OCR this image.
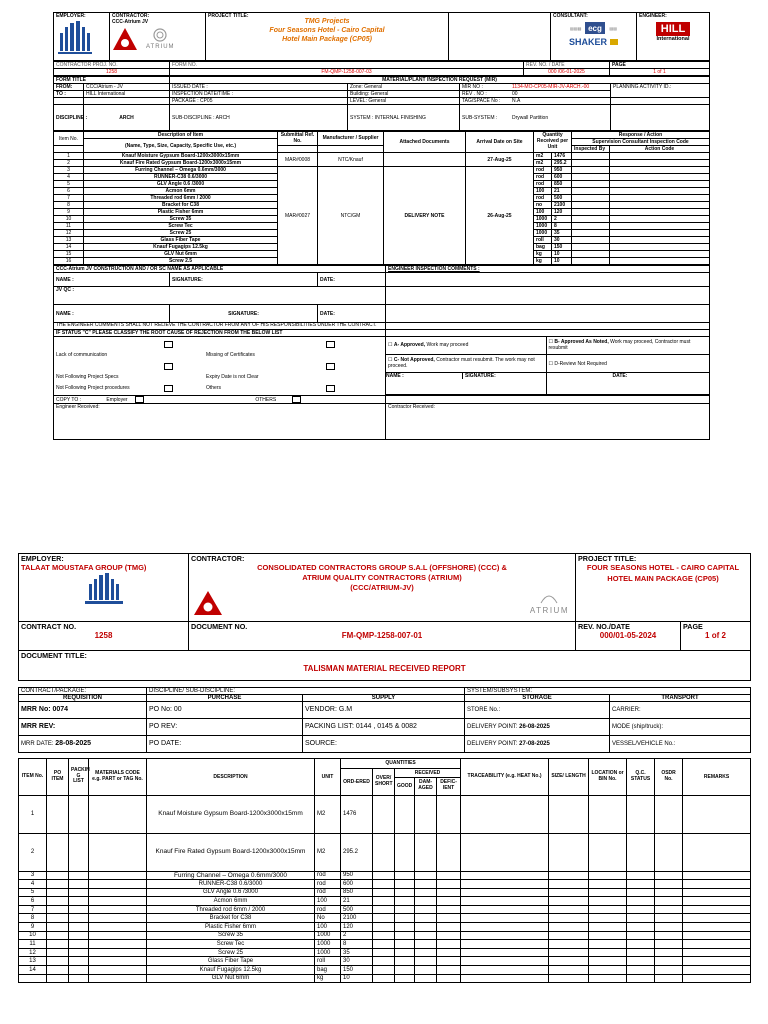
EMPLOYER:	CONTRACTOR:
CCC-Atrium JV
ATRIUM

PROJECT TITLE:
TMG Projects
Four Seasons Hotel - Cairo Capital
Hotel Main Package (CP05)

CONSULTANT:
▤▤▤ ecg ▤▤
SHAKER

ENGINEER:
HILL
International
CONTRACTOR PROJ. NO.	FORM NO.	REV. NO. / DATE	PAGE
1258	FM-QMP-1258-007-03	000 /06-01-2025	1 of 1
FORM TITLE		MATERIAL/PLANT INSPECTION REQUEST (MIR)			
FROM:	CCC/Atrium - JV	ISSUED DATE :	Zone: General	MIR NO : 1134-MO-CP05-MIR-JV-ARCH.-00	PLANNING ACTIVITY ID.:
TO :	HILL International	INSPECTION DATE/TIME :	Building: General	REV . NO : 00	

		PACKAGE : CP05	LEVEL: General	TAG/SPACE No : N.A	

DISCIPLINE :	ARCH	SUB-DISCIPLINE : ARCH	SYSTEM : INTERNAL FINISHING	SUB-SYSTEM : Drywall Partition	

Item No.	Description of Item	Submittal Ref. No.	Manufacturer / Supplier	Attached Documents	Arrival Date on Site	Quantity Received per Unit		Response / Action	
	(Name, Type, Size, Capacity, Specific Use, etc.)							Supervision Consultant Inspection Code	
								Inspected By	Action Code
1	Knauf Moisture Gypsum Board-1200x3000x15mm	MAR#0008	NTC/Knauf		27-Aug-25	m2	1476		
2	Knauf Fire Rated Gypsum Board-1200x3000x15mm					m2	295.2		
3	Furring Channel – Omega 0.6mm/3000	MAR#0027	NTC/GM	DELIVERY NOTE	26-Aug-25	rod	950		
4	RUNNER-C38 0.6/3000					rod	600		
5	GLV Angle 0.6 /3000					rod	850		
6	Acmon 6mm					100	21		
7	Threaded rod 6mm / 2000					rod	500		
8	Bracket for C38					no	2100		
9	Plastic Fisher 6mm					100	120		
10	Screw 35					1000	2		
11	Screw Tec					1000	8		
12	Screw 25					1000	35		
13	Glass Fiber Tape					roll	30		
14	Knauf Fugagips 12.5kg					bag	150		
15	GLV Nut 6mm					kg	10		
16	Screw 2.5					kg	10		
CCC-Atrium JV CONSTRUCTION AND / OR SC NAME AS APPLICABLE	ENGINEER INSPECTION COMMENTS :
NAME :	SIGNATURE:	DATE:	
JV QC :	
NAME :	SIGNATURE:	DATE:	
THE ENGINEER COMMENTS SHALL NOT RELIEVE THE CONTRACTOR FROM ANY OF HIS RESPONSIBILITIES UNDER THE CONTRACT.	
IF STATUS "C" PLEASE CLASSIFY THE ROOT CAUSE OF REJECTION FROM THE BELOW LIST	

Lack of communication		Missing of Certificates	

Not Following Project Specs		Expiry Date is not Clear	
Not Following Project procedures		Others	

☐ A- Approved, Work may proceed	☐ B- Approved As Noted, Work may proceed, Contractor must resubmit
☐ C- Not Approved, Contractor must resubmit. The work may not proceed.	☐ D-Review Not Required
NAME :	SIGNATURE:	DATE:

COPY TO :	Employer	OTHERS	
Engineer Received:	Contractor Received:
EMPLOYER:
TALAAT MOUSTAFA GROUP (TMG)

CONTRACTOR:
CONSOLIDATED CONTRACTORS GROUP S.A.L (OFFSHORE) (CCC) &
ATRIUM QUALITY CONTRACTORS (ATRIUM)
(CCC/ATRIUM-JV)
ATRIUM

PROJECT TITLE:
FOUR SEASONS HOTEL - CAIRO CAPITAL
HOTEL MAIN PACKAGE (CP05)
CONTRACT NO.
1258

DOCUMENT NO.
FM-QMP-1258-007-01

REV. NO./DATE
000/01-05-2024

PAGE
1 of 2

DOCUMENT TITLE:
TALISMAN MATERIAL RECEIVED REPORT
CONTRACT/PACKAGE:	DISCIPLINE/ SUB-DISCIPLINE:		SYSTEM/SUBSYSTEM:	
REQUISITION	PURCHASE	SUPPLY	STORAGE	TRANSPORT
MRR No: 0074	PO No: 00	VENDOR: G.M	STORE No.:	CARRIER:
MRR REV:	PO REV:	PACKING LIST: 0144 , 0145 & 0082	DELIVERY POINT: 26-08-2025	MODE (ship/truck):
MRR DATE: 28-08-2025	PO DATE:	SOURCE:	DELIVERY POINT: 27-08-2025	VESSEL/VEHICLE No.:
ITEM No.	PO ITEM	PACKIN G LIST	MATERIALS CODE e.g. PART or TAG No.	DESCRIPTION	UNIT	QUANTITIES					TRACEABILITY (e.g. HEAT No.)	SIZE/ LENGTH	LOCATION or BIN No.	Q.C. STATUS	OSDR No.	REMARKS
						ORD-ERED	OVER/ SHORT	RECEIVED								
								GOOD	DAM-AGED	DEFIC-IENT						
1				Knauf Moisture Gypsum Board-1200x3000x15mm	M2	1476										
2				Knauf Fire Rated Gypsum Board-1200x3000x15mm	M2	295.2										
3				Furring Channel – Omega 0.6mm/3000	rod	950										
4				RUNNER-C38 0.6/3000	rod	600										
5				GLV Angle 0.6 /3000	rod	850										
6				Acmon 6mm	100	21										
7				Threaded rod 6mm / 2000	rod	500										
8				Bracket for C38	No	2100										
9				Plastic Fisher 6mm	100	120										
10				Screw 35	1000	2										
11				Screw Tec	1000	8										
12				Screw 25	1000	35										
13				Glass Fiber Tape	roll	30										
14				Knauf Fugagips 12.5kg	bag	150										
				GLV Nut 6mm	kg	10										
